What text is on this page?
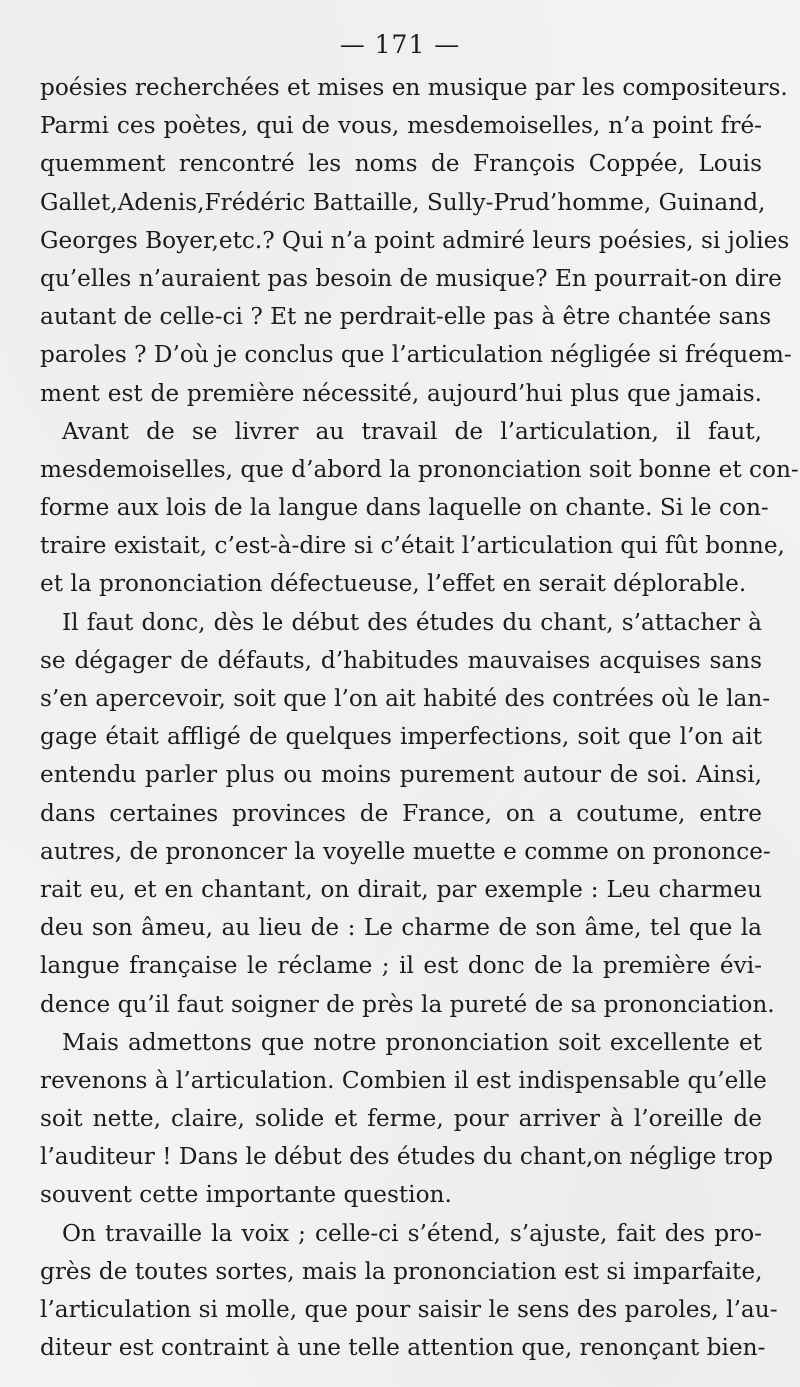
— 171 —
poésies recherchées et mises en musique par les compositeurs.
Parmi ces poètes, qui de vous, mesdemoiselles, n’a point fré-
quemment rencontré les noms de François Coppée, Louis
Gallet,Adenis,Frédéric Battaille, Sully-Prud’homme, Guinand,
Georges Boyer,etc.? Qui n’a point admiré leurs poésies, si jolies
qu’elles n’auraient pas besoin de musique? En pourrait-on dire
autant de celle-ci ? Et ne perdrait-elle pas à être chantée sans
paroles ? D’où je conclus que l’articulation négligée si fréquem-
ment est de première nécessité, aujourd’hui plus que jamais.
Avant de se livrer au travail de l’articulation, il faut,
mesdemoiselles, que d’abord la prononciation soit bonne et con-
forme aux lois de la langue dans laquelle on chante. Si le con-
traire existait, c’est-à-dire si c’était l’articulation qui fût bonne,
et la prononciation défectueuse, l’effet en serait déplorable.
Il faut donc, dès le début des études du chant, s’attacher à
se dégager de défauts, d’habitudes mauvaises acquises sans
s’en apercevoir, soit que l’on ait habité des contrées où le lan-
gage était affligé de quelques imperfections, soit que l’on ait
entendu parler plus ou moins purement autour de soi. Ainsi,
dans certaines provinces de France, on a coutume, entre
autres, de prononcer la voyelle muette e comme on prononce-
rait eu, et en chantant, on dirait, par exemple : Leu charmeu
deu son âmeu, au lieu de : Le charme de son âme, tel que la
langue française le réclame ; il est donc de la première évi-
dence qu’il faut soigner de près la pureté de sa prononciation.
Mais admettons que notre prononciation soit excellente et
revenons à l’articulation. Combien il est indispensable qu’elle
soit nette, claire, solide et ferme, pour arriver à l’oreille de
l’auditeur ! Dans le début des études du chant,on néglige trop
souvent cette importante question.
On travaille la voix ; celle-ci s’étend, s’ajuste, fait des pro-
grès de toutes sortes, mais la prononciation est si imparfaite,
l’articulation si molle, que pour saisir le sens des paroles, l’au-
diteur est contraint à une telle attention que, renonçant bien-
